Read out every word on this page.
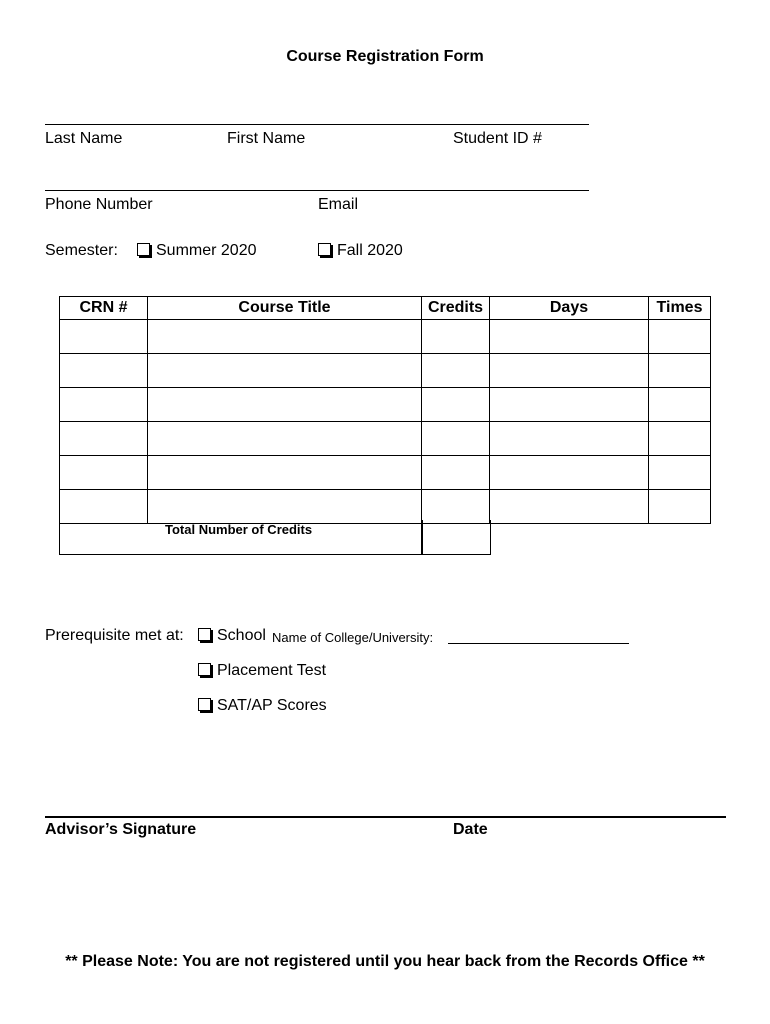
Course Registration Form
Last Name	First Name	Student ID #
Phone Number	Email
Semester:	Summer 2020	Fall 2020
CRN #	Course Title	Credits	Days	Times

Total Number of Credits
Prerequisite met at:	School Name of College/University:
Placement Test
SAT/AP Scores
Advisor’s Signature	Date
** Please Note: You are not registered until you hear back from the Records Office **
